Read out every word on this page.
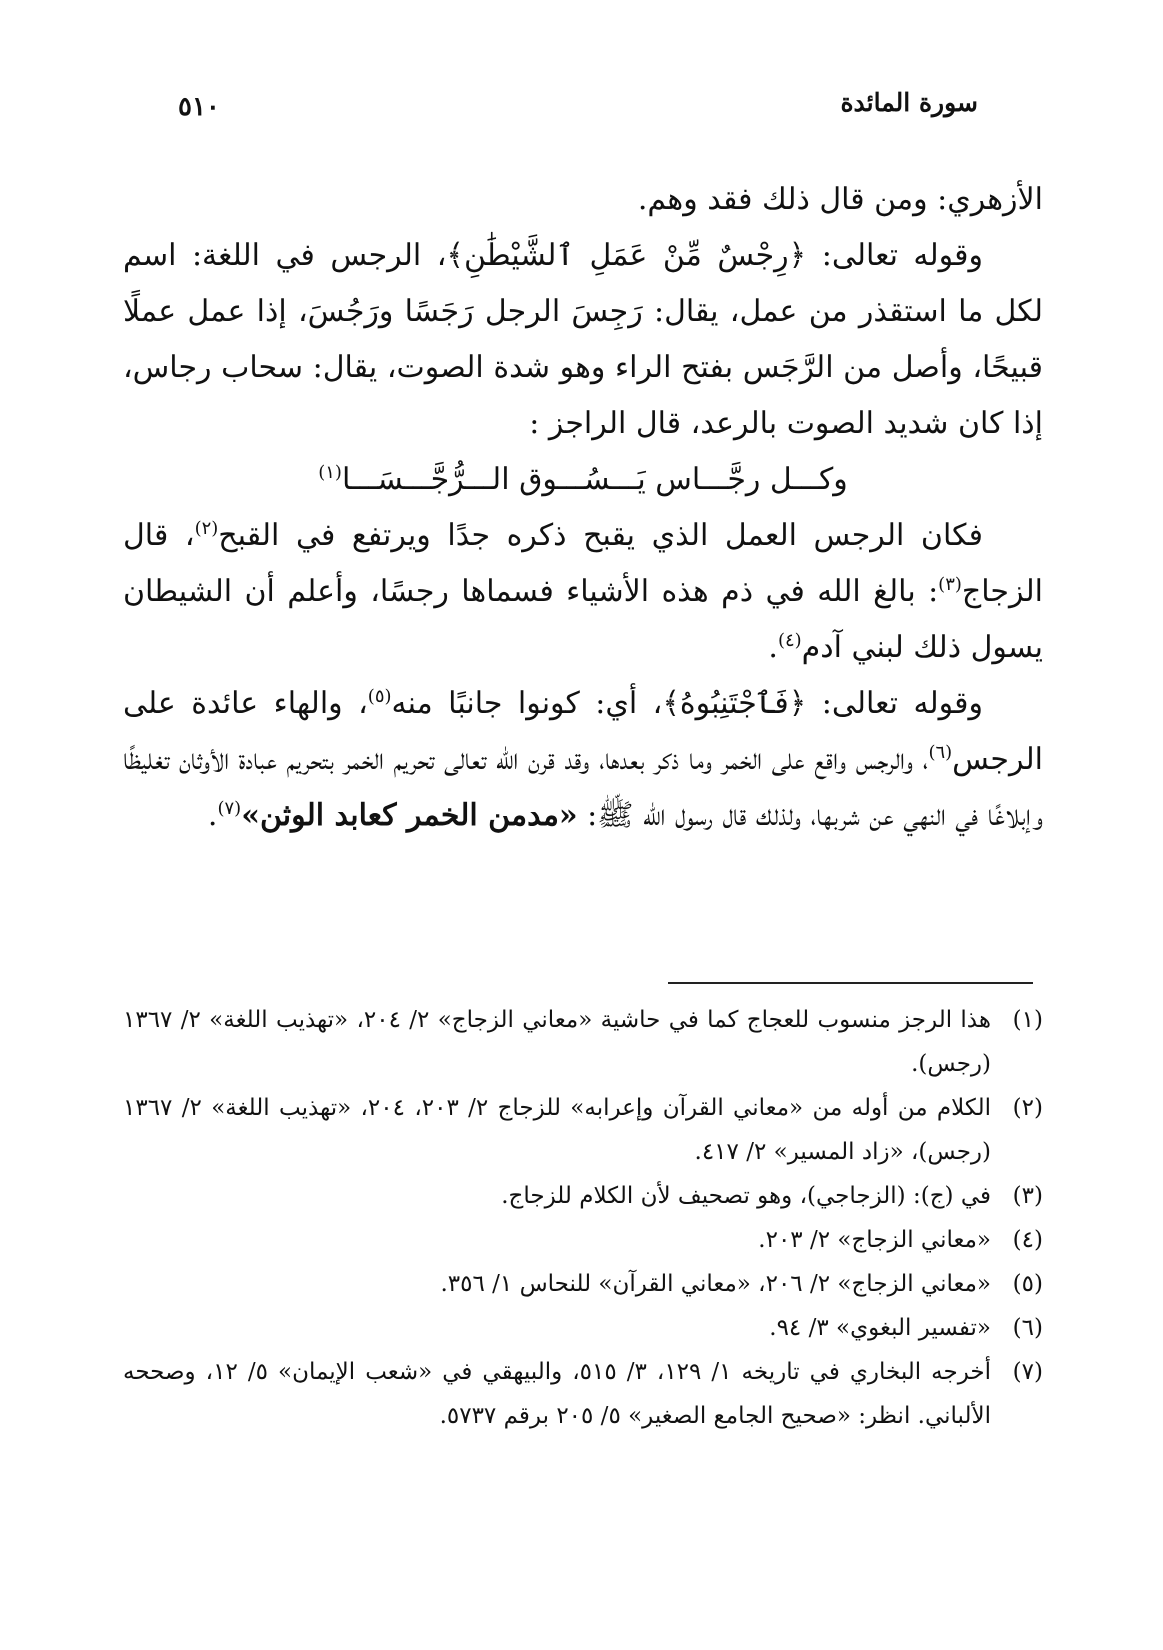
سورة المائدة
٥١٠

الأزهري: ومن قال ذلك فقد وهم.

وقوله تعالى: ﴿رِجْسٌ مِّنْ عَمَلِ ٱلشَّيْطَٰنِ﴾، الرجس في اللغة: اسم لكل ما استقذر من عمل، يقال: رَجِسَ الرجل رَجَسًا ورَجُسَ، إذا عمل عملًا قبيحًا، وأصل من الرَّجَس بفتح الراء وهو شدة الصوت، يقال: سحاب رجاس، إذا كان شديد الصوت بالرعد، قال الراجز :

وكـــل رجَّـــاس يَـــسُـــوق الـــرُّجَّـــسَـــا$^{(١)}$

فكان الرجس العمل الذي يقبح ذكره جدًا ويرتفع في القبح$^{(٢)}$، قال الزجاج$^{(٣)}$: بالغ الله في ذم هذه الأشياء فسماها رجسًا، وأعلم أن الشيطان يسول ذلك لبني آدم$^{(٤)}$.

وقوله تعالى: ﴿فَٱجْتَنِبُوهُ﴾، أي: كونوا جانبًا منه$^{(٥)}$، والهاء عائدة على الرجس$^{(٦)}$، والرجس واقع على الخمر وما ذكر بعدها، وقد قرن الله تعالى تحريم الخمر بتحريم عبادة الأوثان تغليظًا وإبلاغًا في النهي عن شربها، ولذلك قال رسول الله ﷺ: «مدمن الخمر كعابد الوثن»$^{(٧)}$.

(١)
هذا الرجز منسوب للعجاج كما في حاشية «معاني الزجاج» ٢/ ٢٠٤، «تهذيب اللغة» ٢/ ١٣٦٧ (رجس).

(٢)
الكلام من أوله من «معاني القرآن وإعرابه» للزجاج ٢/ ٢٠٣، ٢٠٤، «تهذيب اللغة» ٢/ ١٣٦٧ (رجس)، «زاد المسير» ٢/ ٤١٧.

(٣)
في (ج): (الزجاجي)، وهو تصحيف لأن الكلام للزجاج.

(٤)
«معاني الزجاج» ٢/ ٢٠٣.

(٥)
«معاني الزجاج» ٢/ ٢٠٦، «معاني القرآن» للنحاس ١/ ٣٥٦.

(٦)
«تفسير البغوي» ٣/ ٩٤.

(٧)
أخرجه البخاري في تاريخه ١/ ١٢٩، ٣/ ٥١٥، والبيهقي في «شعب الإيمان» ٥/ ١٢، وصححه الألباني. انظر: «صحيح الجامع الصغير» ٥/ ٢٠٥ برقم ٥٧٣٧.
